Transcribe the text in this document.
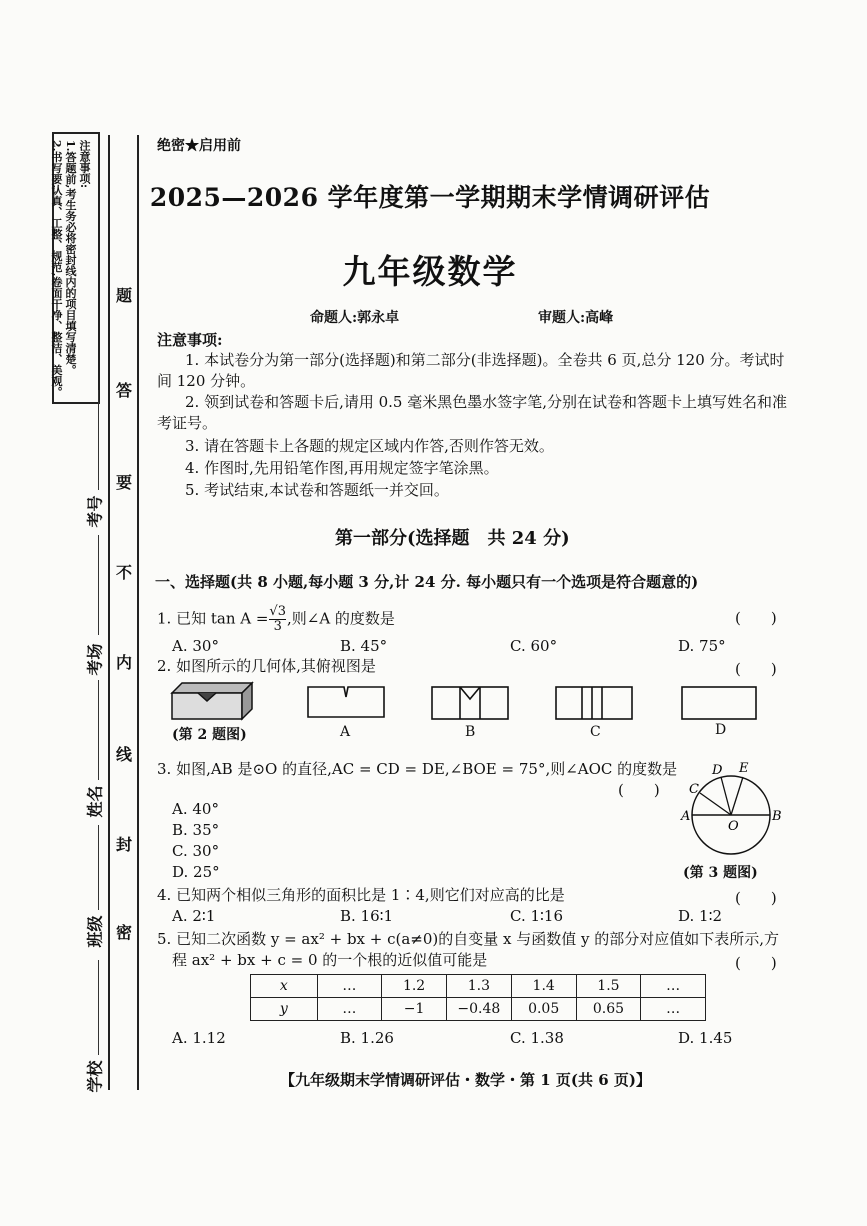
注意事项:
1.答题前,考生务必将密封线内的项目填写清楚。
2.书写要认真、工整、规范,卷面干净、整洁、美观。	题
答
要
不
内
线
封
密
考号
考场
姓名
班级
学校
绝密★启用前
2025—2026 学年度第一学期期末学情调研评估
九年级数学
命题人:郭永卓	审题人:高峰
注意事项:
1. 本试卷分为第一部分(选择题)和第二部分(非选择题)。全卷共 6 页,总分 120 分。考试时间 120 分钟。
2. 领到试卷和答题卡后,请用 0.5 毫米黑色墨水签字笔,分别在试卷和答题卡上填写姓名和准考证号。
3. 请在答题卡上各题的规定区域内作答,否则作答无效。
4. 作图时,先用铅笔作图,再用规定签字笔涂黑。
5. 考试结束,本试卷和答题纸一并交回。
第一部分(选择题　共 24 分)
一、选择题(共 8 小题,每小题 3 分,计 24 分. 每小题只有一个选项是符合题意的)
1. 已知 $\tan A = \frac{√3}{3}$ ,则∠A 的度数是	(　　)
A. 30°	B. 45°	C. 60°	D. 75°
2. 如图所示的几何体,其俯视图是	(　　)
(第 2 题图)	A	B	C	D
3. 如图,AB 是⊙O 的直径,AC = CD = DE,∠BOE = 75°,则∠AOC 的度数是
(　　)
A. 40°
B. 35°
C. 30°
D. 25°
A	B
C
D E
O
(第 3 题图)
4. 已知两个相似三角形的面积比是 1∶4,则它们对应高的比是	(　　)
A. 2∶1	B. 16∶1	C. 1∶16	D. 1∶2
5. 已知二次函数 y = ax² + bx + c(a≠0)的自变量 x 与函数值 y 的部分对应值如下表所示,方
程 ax² + bx + c = 0 的一个根的近似值可能是	(　　)
x	…	1.2	1.3	1.4	1.5	…
y	…	−1	−0.48	0.05	0.65	…
A. 1.12	B. 1.26	C. 1.38	D. 1.45
【九年级期末学情调研评估・数学・第 1 页(共 6 页)】
